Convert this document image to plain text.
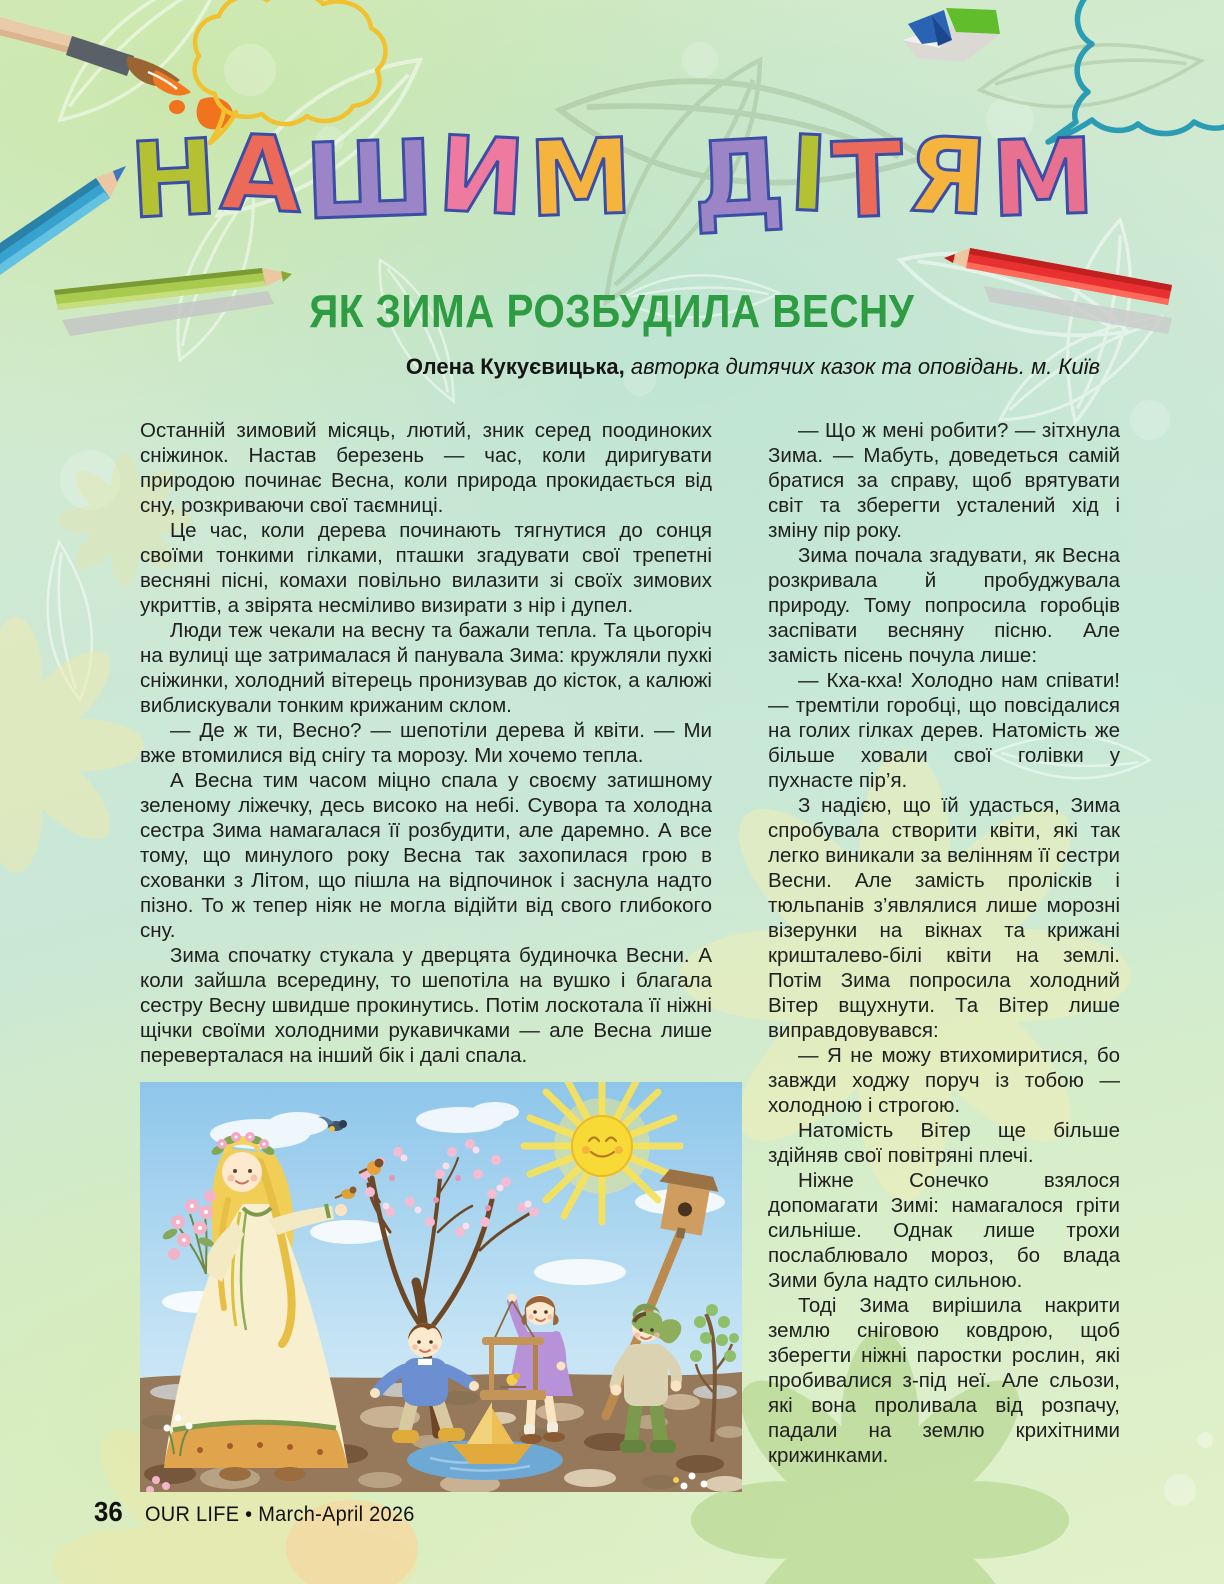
НАШИМ ДІТЯМ
ЯК ЗИМА РОЗБУДИЛА ВЕСНУ
Олена Кукуєвицька, авторка дитячих казок та оповідань. м. Київ

Останній зимовий місяць, лютий, зник серед поодиноких сніжинок. Настав березень — час, коли диригувати природою починає Весна, коли природа прокидається від сну, розкриваючи свої таємниці.

Це час, коли дерева починають тягнутися до сонця своїми тонкими гілками, пташки згадувати свої трепетні весняні пісні, комахи повільно вилазити зі своїх зимових укриттів, а звірята несміливо визирати з нір і дупел.

Люди теж чекали на весну та бажали тепла. Та цьогоріч на вулиці ще затрималася й панувала Зима: кружляли пухкі сніжинки, холодний вітерець пронизував до кісток, а калюжі виблискували тонким крижаним склом.

— Де ж ти, Весно? — шепотіли дерева й квіти. — Ми вже втомилися від снігу та морозу. Ми хочемо тепла.

А Весна тим часом міцно спала у своєму затишному зеленому ліжечку, десь високо на небі. Сувора та холодна сестра Зима намагалася її розбудити, але даремно. А все тому, що минулого року Весна так захопилася грою в схованки з Літом, що пішла на відпочинок і заснула надто пізно. То ж тепер ніяк не могла відійти від свого глибокого сну.

Зима спочатку стукала у дверцята будиночка Весни. А коли зайшла всередину, то шепотіла на вушко і благала сестру Весну швидше прокинутись. Потім лоскотала її ніжні щічки своїми холодними рукавичками — але Весна лише переверталася на інший бік і далі спала.

— Що ж мені робити? — зітхнула Зима. — Мабуть, доведеться самій братися за справу, щоб врятувати світ та зберегти усталений хід і зміну пір року.

Зима почала згадувати, як Весна розкривала й пробуджувала природу. Тому попросила горобців заспівати весняну пісню. Але замість пісень почула лише:

— Кха-кха! Холодно нам співати! — тремтіли горобці, що повсідалися на голих гілках дерев. Натомість же більше ховали свої голівки у пухнасте пір’я.

З надією, що їй удасться, Зима спробувала створити квіти, які так легко виникали за велінням її сестри Весни. Але замість пролісків і тюльпанів з’являлися лише морозні візерунки на вікнах та крижані кришталево-білі квіти на землі. Потім Зима попросила холодний Вітер вщухнути. Та Вітер лише виправдовувався:

— Я не можу втихомиритися, бо завжди ходжу поруч із тобою — холодною і строгою.

Натомість Вітер ще більше здійняв свої повітряні плечі.

Ніжне Сонечко взялося допомагати Зимі: намагалося гріти сильніше. Однак лише трохи послаблювало мороз, бо влада Зими була надто сильною.

Тоді Зима вирішила накрити землю сніговою ковдрою, щоб зберегти ніжні паростки рослин, які пробивалися з-під неї. Але сльози, які вона проливала від розпачу, падали на землю крихітними крижинками.

36 OUR LIFE • March-April 2026
